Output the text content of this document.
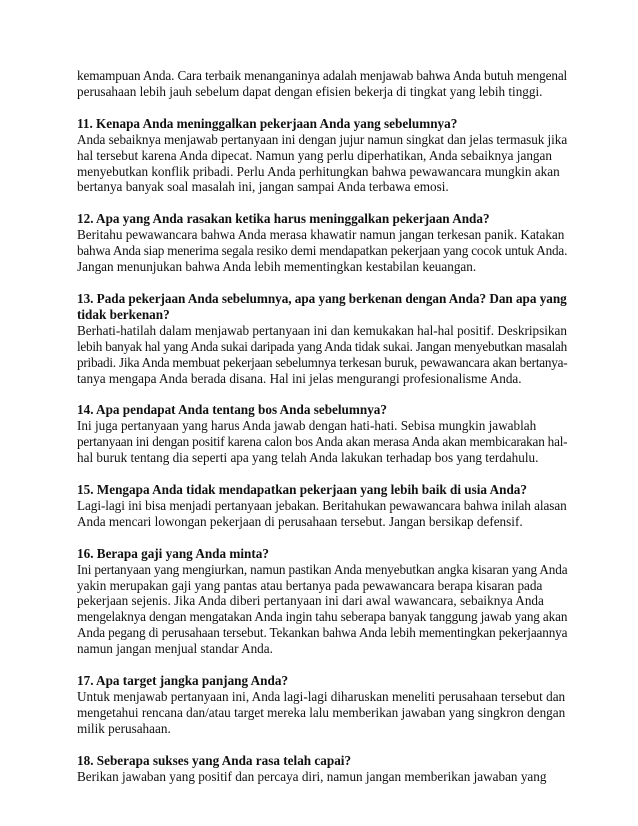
kemampuan Anda. Cara terbaik menanganinya adalah menjawab bahwa Anda butuh mengenal
perusahaan lebih jauh sebelum dapat dengan efisien bekerja di tingkat yang lebih tinggi.

11. Kenapa Anda meninggalkan pekerjaan Anda yang sebelumnya?

Anda sebaiknya menjawab pertanyaan ini dengan jujur namun singkat dan jelas termasuk jika
hal tersebut karena Anda dipecat. Namun yang perlu diperhatikan, Anda sebaiknya jangan
menyebutkan konflik pribadi. Perlu Anda perhitungkan bahwa pewawancara mungkin akan
bertanya banyak soal masalah ini, jangan sampai Anda terbawa emosi.

12. Apa yang Anda rasakan ketika harus meninggalkan pekerjaan Anda?

Beritahu pewawancara bahwa Anda merasa khawatir namun jangan terkesan panik. Katakan
bahwa Anda siap menerima segala resiko demi mendapatkan pekerjaan yang cocok untuk Anda.
Jangan menunjukan bahwa Anda lebih mementingkan kestabilan keuangan.

13. Pada pekerjaan Anda sebelumnya, apa yang berkenan dengan Anda? Dan apa yang
tidak berkenan?

Berhati-hatilah dalam menjawab pertanyaan ini dan kemukakan hal-hal positif. Deskripsikan
lebih banyak hal yang Anda sukai daripada yang Anda tidak sukai. Jangan menyebutkan masalah
pribadi. Jika Anda membuat pekerjaan sebelumnya terkesan buruk, pewawancara akan bertanya-
tanya mengapa Anda berada disana. Hal ini jelas mengurangi profesionalisme Anda.

14. Apa pendapat Anda tentang bos Anda sebelumnya?

Ini juga pertanyaan yang harus Anda jawab dengan hati-hati. Sebisa mungkin jawablah
pertanyaan ini dengan positif karena calon bos Anda akan merasa Anda akan membicarakan hal-
hal buruk tentang dia seperti apa yang telah Anda lakukan terhadap bos yang terdahulu.

15. Mengapa Anda tidak mendapatkan pekerjaan yang lebih baik di usia Anda?

Lagi-lagi ini bisa menjadi pertanyaan jebakan. Beritahukan pewawancara bahwa inilah alasan
Anda mencari lowongan pekerjaan di perusahaan tersebut. Jangan bersikap defensif.

16. Berapa gaji yang Anda minta?

Ini pertanyaan yang mengiurkan, namun pastikan Anda menyebutkan angka kisaran yang Anda
yakin merupakan gaji yang pantas atau bertanya pada pewawancara berapa kisaran pada
pekerjaan sejenis. Jika Anda diberi pertanyaan ini dari awal wawancara, sebaiknya Anda
mengelaknya dengan mengatakan Anda ingin tahu seberapa banyak tanggung jawab yang akan
Anda pegang di perusahaan tersebut. Tekankan bahwa Anda lebih mementingkan pekerjaannya
namun jangan menjual standar Anda.

17. Apa target jangka panjang Anda?

Untuk menjawab pertanyaan ini, Anda lagi-lagi diharuskan meneliti perusahaan tersebut dan
mengetahui rencana dan/atau target mereka lalu memberikan jawaban yang singkron dengan
milik perusahaan.

18. Seberapa sukses yang Anda rasa telah capai?

Berikan jawaban yang positif dan percaya diri, namun jangan memberikan jawaban yang
